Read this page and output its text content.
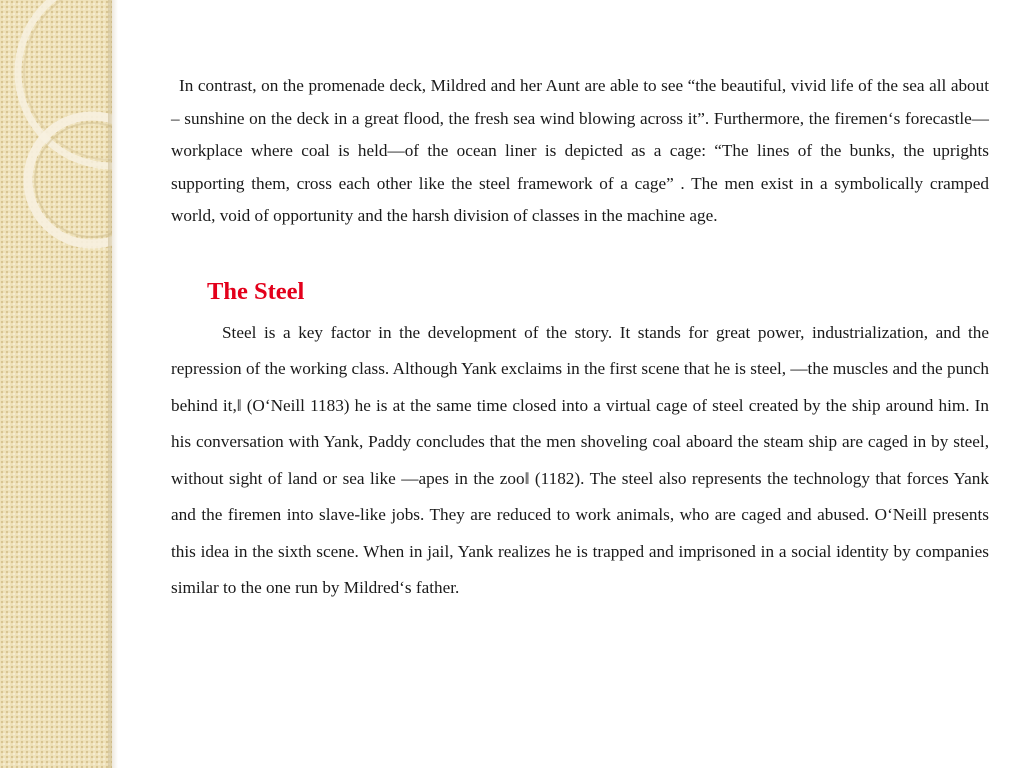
In contrast, on the promenade deck, Mildred and her Aunt are able to see “the beautiful, vivid life of the sea all about – sunshine on the deck in a great flood, the fresh sea wind blowing across it”. Furthermore, the firemen‘s forecastle— workplace where coal is held—of the ocean liner is depicted as a cage: “The lines of the bunks, the uprights supporting them, cross each other like the steel framework of a cage” . The men exist in a symbolically cramped world, void of opportunity and the harsh division of classes in the machine age.

The Steel

Steel is a key factor in the development of the story. It stands for great power, industrialization, and the repression of the working class. Although Yank exclaims in the first scene that he is steel, —the muscles and the punch behind it,‖ (O‘Neill 1183) he is at the same time closed into a virtual cage of steel created by the ship around him. In his conversation with Yank, Paddy concludes that the men shoveling coal aboard the steam ship are caged in by steel, without sight of land or sea like —apes in the zoo‖ (1182). The steel also represents the technology that forces Yank and the firemen into slave-like jobs. They are reduced to work animals, who are caged and abused. O‘Neill presents this idea in the sixth scene. When in jail, Yank realizes he is trapped and imprisoned in a social identity by companies similar to the one run by Mildred‘s father.
